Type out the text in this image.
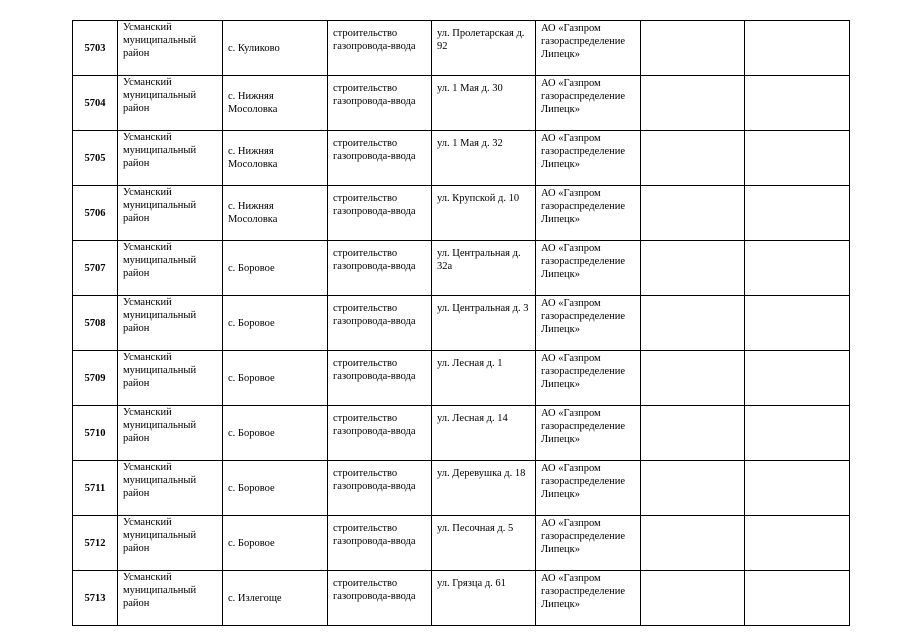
5703	Усманский муниципальный район	с. Куликово	строительство газопровода-ввода	ул. Пролетарская д. 92	АО «Газпром газораспределение Липецк»		
5704	Усманский муниципальный район	с. Нижняя Мосоловка	строительство газопровода-ввода	ул. 1 Мая д. 30	АО «Газпром газораспределение Липецк»		
5705	Усманский муниципальный район	с. Нижняя Мосоловка	строительство газопровода-ввода	ул. 1 Мая д. 32	АО «Газпром газораспределение Липецк»		
5706	Усманский муниципальный район	с. Нижняя Мосоловка	строительство газопровода-ввода	ул. Крупской д. 10	АО «Газпром газораспределение Липецк»		
5707	Усманский муниципальный район	с. Боровое	строительство газопровода-ввода	ул. Центральная д. 32а	АО «Газпром газораспределение Липецк»		
5708	Усманский муниципальный район	с. Боровое	строительство газопровода-ввода	ул. Центральная д. 3	АО «Газпром газораспределение Липецк»		
5709	Усманский муниципальный район	с. Боровое	строительство газопровода-ввода	ул. Лесная д. 1	АО «Газпром газораспределение Липецк»		
5710	Усманский муниципальный район	с. Боровое	строительство газопровода-ввода	ул. Лесная д. 14	АО «Газпром газораспределение Липецк»		
5711	Усманский муниципальный район	с. Боровое	строительство газопровода-ввода	ул. Деревушка д. 18	АО «Газпром газораспределение Липецк»		
5712	Усманский муниципальный район	с. Боровое	строительство газопровода-ввода	ул. Песочная д. 5	АО «Газпром газораспределение Липецк»		
5713	Усманский муниципальный район	с. Излегоще	строительство газопровода-ввода	ул. Грязца д. 61	АО «Газпром газораспределение Липецк»		
